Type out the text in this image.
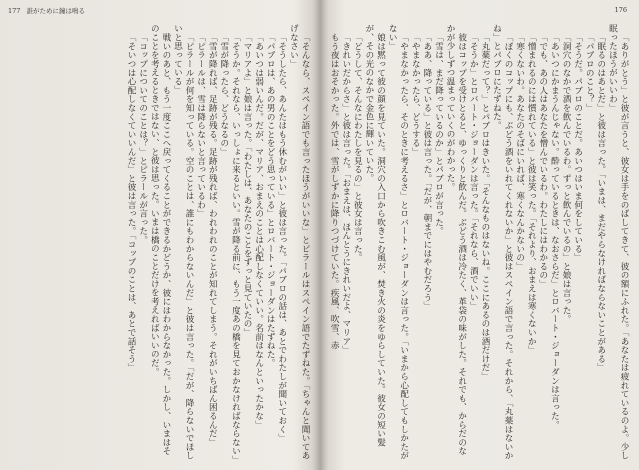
177 誰がために鐘は鳴る

「そんなら、スペイン語でも言ったほうがいいな」とピラールはスペイン語でたずねた。「ちゃんと聞いてあげなさい」

「そうしたら、あんたはもう休むがいい」と彼は言った。「パブロの話は、あとでわたしが聞いておく」

「パブロは、あの男のことをどう思っている」とロバート・ジョーダンはたずねた。

「あいつは弱いんだ。だが、マリア、おまえのことは心配しなくていい。名前はなんといったかな」

「マリアよ」と娘は言った。「わたしは、あなたのことをずっと見ていたの」

「そうか。それなら、いっしょに来るといい。雪が降る前に、もう一度あの橋を見ておかなければならない」

「雪が降ったら、どうなるの」

「雪が降れば、足跡が残る。足跡が残れば、われわれのことが知れてしまう。それがいちばん困るんだ」

「ピラールは、雪は降らないと言っているわ」

「ピラールが何を知っている。空のことは、誰にもわからないんだ」と彼は言った。「だが、降らないでほしいと思っている」

戦いのあと、もう一度ここへ戻ってくることができるかどうか、彼にはわからなかった。しかし、いまはそのことを考えるときではない、と彼は思った。いまは橋のことだけを考えればいいのだ。

「コップについてのことは？」とピラールが言った。

「そいつは心配しなくていいんだ」と彼は言った。「コップのことは、あとで話そう」

176

「ありがとう」と彼が言うと、彼女は手をのばしてきて、彼の額にふれた。「あなたは疲れているのよ。少し眠ったほうがいいわ」

「眠るのはあとだ」と彼は言った。「いまは、まだやらなければならないことがある」

「パブロのこと？」

「そうだ。パブロのことだ。あいつはいま何をしている」

「洞穴のなかで酒を飲んでいるわ。ずっと飲んでいるの」と娘は言った。

「あいつにかまうんじゃない。酔っているときは、なおさらだ」とロバート・ジョーダンは言った。

「でも、あの人はあなたを憎んでいるわ。わたしにはわかるの」

「憎まれるのには慣れている」と彼は笑った。「それより、おまえは寒くないか」

「寒くないわ。あなたのそばにいれば、寒くなんかないの」

「ぼくのコップにも、ぶどう酒をいれてくれないか」と彼はスペイン語で言った。それから、「丸薬はないかね」とパブロにたずねた。

「丸薬だって？」とパブロはきいた。「そんなものはないね。ここにあるのは酒だけだ」

「そうか」とロバート・ジョーダンは言った。「それなら、酒でいい」

彼はコップを受けとると、ゆっくりと飲んだ。ぶどう酒は冷たく、革袋の味がした。それでも、からだのなかが少しずつ温まっていくのがわかった。

「雪は、まだ降っているのか」とパブロが言った。

「ああ、降っている」と彼は言った。「だが、朝までにはやむだろう」

「やまなかったら、どうする」

「やまなかったら、そのときに考えるさ」とロバート・ジョーダンは言った。「いまから心配してもしかたがない」

娘は黙って彼の顔を見ていた。洞穴の入口から吹きこむ風が、焚き火の炎をゆらしていた。彼女の短い髪が、その光のなかで金色に輝いていた。

「どうして、そんなにわたしを見るの」と彼女は言った。

「きれいだからさ」と彼は言った。「おまえは、ほんとうにきれいだよ、マリア」

もう夜はおそかった。外では、雪がしずかに降りつづけていた。疾風、吹雪、赤
